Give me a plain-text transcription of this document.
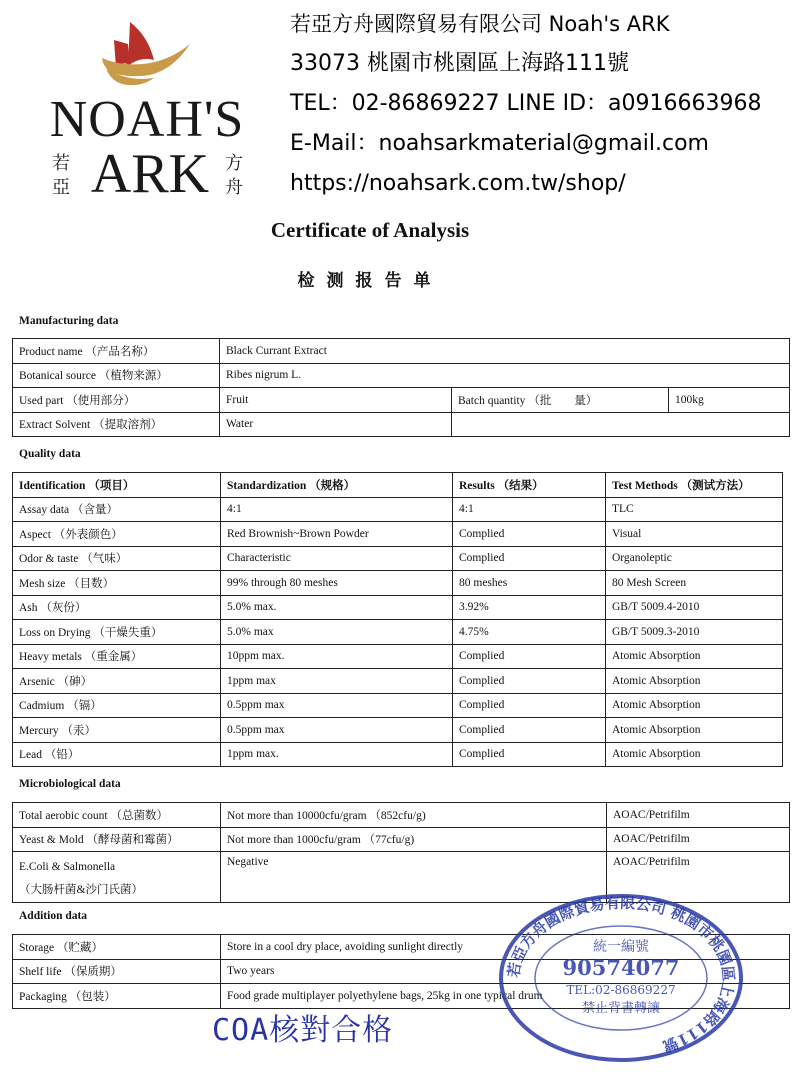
NOAH'S
ARK
若
亞
方
舟
若亞方舟國際貿易有限公司 Noah's ARK
33073 桃園市桃園區上海路111號
TEL：02-86869227 LINE ID：a0916663968
E-Mail：noahsarkmaterial@gmail.com
https://noahsark.com.tw/shop/
Certificate of Analysis
检测报告单
Manufacturing data
Product name （产品名称）	Black Currant Extract		
Botanical source （植物来源）	Ribes nigrum L.		
Used part （使用部分）	Fruit	Batch quantity （批　　量）	100kg
Extract Solvent （提取溶剂）	Water		
Quality data
Identification （项目）	Standardization （规格）	Results （结果）	Test Methods （测试方法）
Assay data （含量）	4:1	4:1	TLC
Aspect （外表颜色）	Red Brownish~Brown Powder	Complied	Visual
Odor & taste （气味）	Characteristic	Complied	Organoleptic
Mesh size （目数）	99% through 80 meshes	80 meshes	80 Mesh Screen
Ash （灰份）	5.0% max.	3.92%	GB/T 5009.4-2010
Loss on Drying （干燥失重）	5.0% max	4.75%	GB/T 5009.3-2010
Heavy metals （重金属）	10ppm max.	Complied	Atomic Absorption
Arsenic （砷）	1ppm max	Complied	Atomic Absorption
Cadmium （镉）	0.5ppm max	Complied	Atomic Absorption
Mercury （汞）	0.5ppm max	Complied	Atomic Absorption
Lead （铅）	1ppm max.	Complied	Atomic Absorption
Microbiological data
Total aerobic count （总菌数）	Not more than 10000cfu/gram （852cfu/g)	AOAC/Petrifilm
Yeast & Mold （酵母菌和霉菌）	Not more than 1000cfu/gram （77cfu/g)	AOAC/Petrifilm

E.Coli & Salmonella
（大肠杆菌&沙门氏菌）	Negative	AOAC/Petrifilm
Addition data
Storage （贮藏）	Store in a cool dry place, avoiding sunlight directly
Shelf life （保质期）	Two years
Packaging （包装）	Food grade multiplayer polyethylene bags, 25kg in one typical drum
若亞方舟國際貿易有限公司 桃園市桃園區上海路111號
統一編號
90574077
TEL:02-86869227
禁止背書轉讓
COA核對合格
